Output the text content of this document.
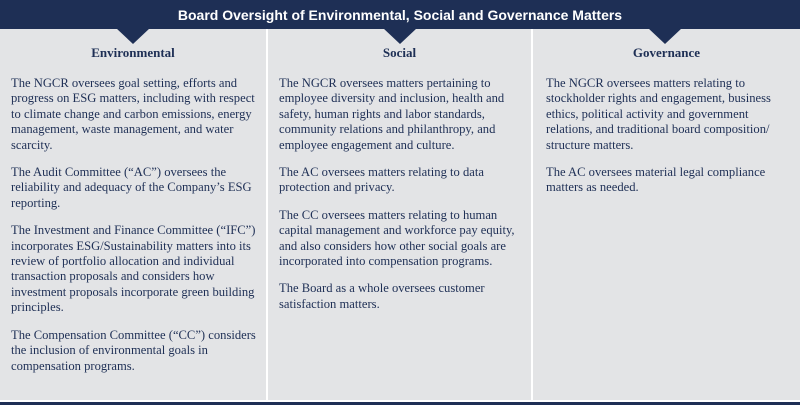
Board Oversight of Environmental, Social and Governance Matters
Environmental	Social	Governance

The NGCR oversees goal setting, efforts and progress on ESG matters, including with respect to climate change and carbon emissions, energy management, waste management, and water scarcity.

The Audit Committee (“AC”) oversees the reliability and adequacy of the Company’s ESG reporting.

The Investment and Finance Committee (“IFC”) incorporates ESG/Sustainability matters into its review of portfolio allocation and individual transaction proposals and considers how investment proposals incorporate green building principles.

The Compensation Committee (“CC”) considers the inclusion of environmental goals in compensation programs.

The NGCR oversees matters pertaining to employee diversity and inclusion, health and safety, human rights and labor standards, community relations and philanthropy, and employee engagement and culture.

The AC oversees matters relating to data protection and privacy.

The CC oversees matters relating to human capital management and workforce pay equity, and also considers how other social goals are incorporated into compensation programs.

The Board as a whole oversees customer satisfaction matters.

The NGCR oversees matters relating to stockholder rights and engagement, business ethics, political activity and government relations, and traditional board composition/ structure matters.

The AC oversees material legal compliance matters as needed.
